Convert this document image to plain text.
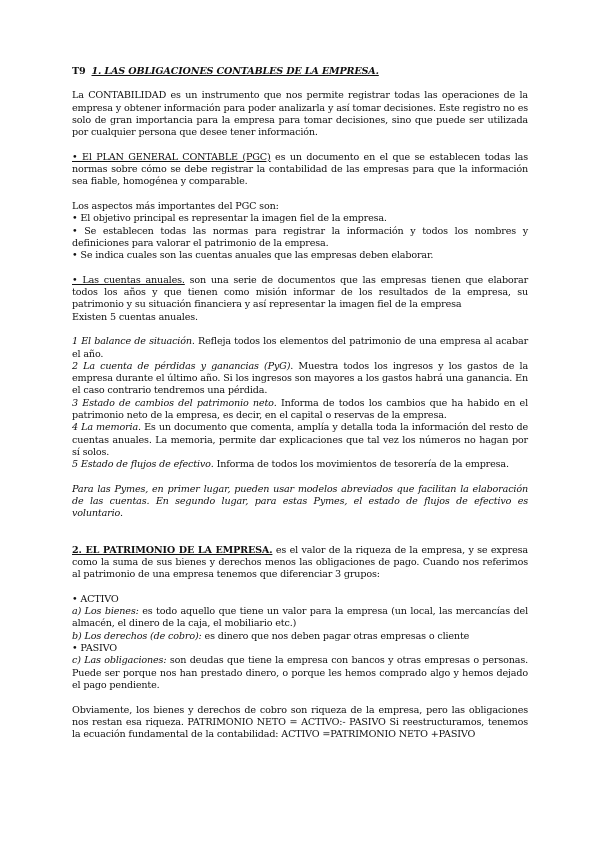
T9 1. LAS OBLIGACIONES CONTABLES DE LA EMPRESA.

La CONTABILIDAD es un instrumento que nos permite registrar todas las operaciones de la empresa y obtener información para poder analizarla y así tomar decisiones. Este registro no es solo de gran importancia para la empresa para tomar decisiones, sino que puede ser utilizada por cualquier persona que desee tener información.

• El PLAN GENERAL CONTABLE (PGC) es un documento en el que se establecen todas las normas sobre cómo se debe registrar la contabilidad de las empresas para que la información sea fiable, homogénea y comparable.

Los aspectos más importantes del PGC son:

• El objetivo principal es representar la imagen fiel de la empresa.

• Se establecen todas las normas para registrar la información y todos los nombres y definiciones para valorar el patrimonio de la empresa.

• Se indica cuales son las cuentas anuales que las empresas deben elaborar.

• Las cuentas anuales. son una serie de documentos que las empresas tienen que elaborar todos los años y que tienen como misión informar de los resultados de la empresa, su patrimonio y su situación financiera y así representar la imagen fiel de la empresa

Existen 5 cuentas anuales.

1 El balance de situación. Refleja todos los elementos del patrimonio de una empresa al acabar el año.

2 La cuenta de pérdidas y ganancias (PyG). Muestra todos los ingresos y los gastos de la empresa durante el último año. Si los ingresos son mayores a los gastos habrá una ganancia. En el caso contrario tendremos una pérdida.

3 Estado de cambios del patrimonio neto. Informa de todos los cambios que ha habido en el patrimonio neto de la empresa, es decir, en el capital o reservas de la empresa.

4 La memoria. Es un documento que comenta, amplía y detalla toda la información del resto de cuentas anuales. La memoria, permite dar explicaciones que tal vez los números no hagan por sí solos.

5 Estado de flujos de efectivo. Informa de todos los movimientos de tesorería de la empresa.

Para las Pymes, en primer lugar, pueden usar modelos abreviados que facilitan la elaboración de las cuentas. En segundo lugar, para estas Pymes, el estado de flujos de efectivo es voluntario.

2. EL PATRIMONIO DE LA EMPRESA. es el valor de la riqueza de la empresa, y se expresa como la suma de sus bienes y derechos menos las obligaciones de pago. Cuando nos referimos al patrimonio de una empresa tenemos que diferenciar 3 grupos:

• ACTIVO

a) Los bienes: es todo aquello que tiene un valor para la empresa (un local, las mercancías del almacén, el dinero de la caja, el mobiliario etc.)

b) Los derechos (de cobro): es dinero que nos deben pagar otras empresas o cliente

• PASIVO

c) Las obligaciones: son deudas que tiene la empresa con bancos y otras empresas o personas. Puede ser porque nos han prestado dinero, o porque les hemos comprado algo y hemos dejado el pago pendiente.

Obviamente, los bienes y derechos de cobro son riqueza de la empresa, pero las obligaciones nos restan esa riqueza. PATRIMONIO NETO = ACTIVO:- PASIVO Si reestructuramos, tenemos la ecuación fundamental de la contabilidad: ACTIVO =PATRIMONIO NETO +PASIVO
